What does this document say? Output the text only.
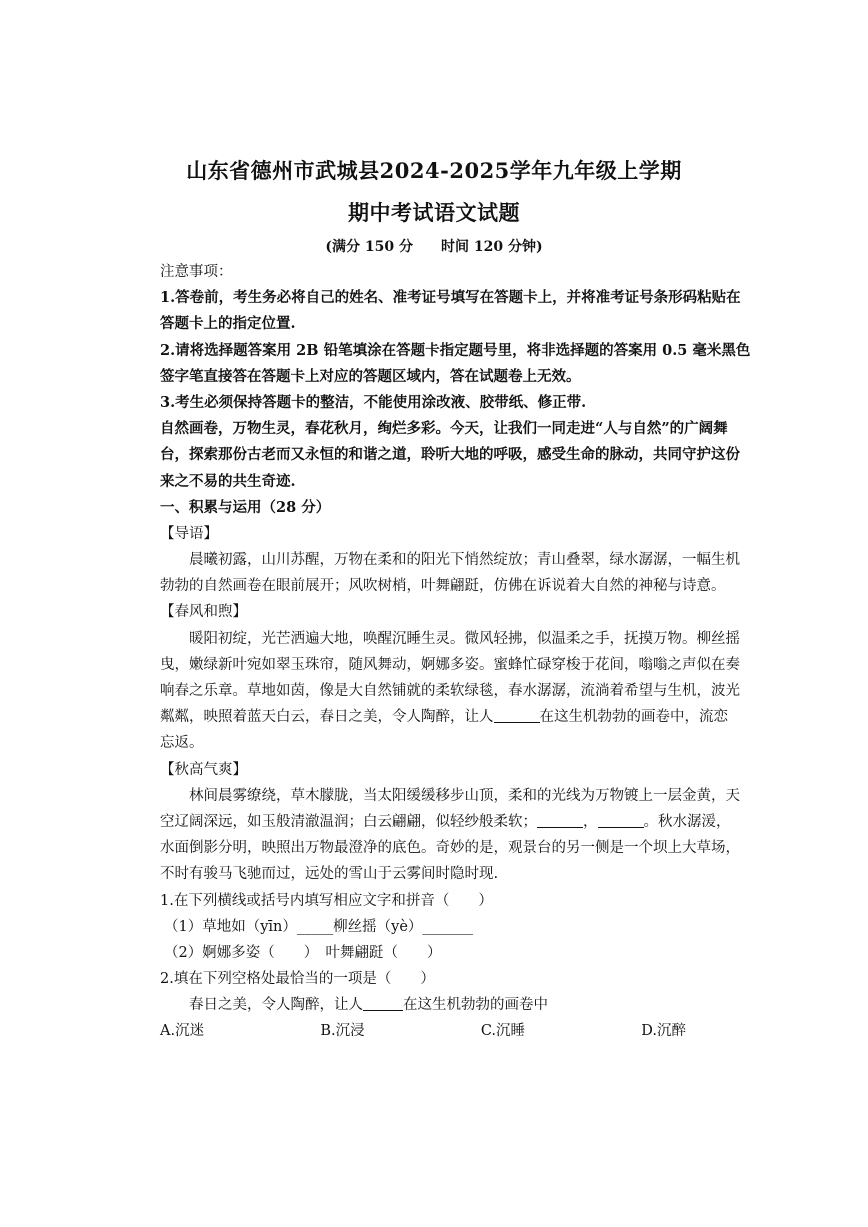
山东省德州市武城县2024-2025学年九年级上学期
期中考试语文试题
(满分 150 分 时间 120 分钟)
注意事项：
1.答卷前，考生务必将自己的姓名、准考证号填写在答题卡上，并将准考证号条形码粘贴在
答题卡上的指定位置.
2.请将选择题答案用 2B 铅笔填涂在答题卡指定题号里，将非选择题的答案用 0.5 毫米黑色
签字笔直接答在答题卡上对应的答题区域内，答在试题卷上无效。
3.考生必须保持答题卡的整洁，不能使用涂改液、胶带纸、修正带.
自然画卷，万物生灵，春花秋月，绚烂多彩。今天，让我们一同走进“人与自然”的广阔舞
台，探索那份古老而又永恒的和谐之道，聆听大地的呼吸，感受生命的脉动，共同守护这份
来之不易的共生奇迹.
一、积累与运用（28 分）
【导语】
晨曦初露，山川苏醒，万物在柔和的阳光下悄然绽放；青山叠翠，绿水潺潺，一幅生机
勃勃的自然画卷在眼前展开；风吹树梢，叶舞翩跹，仿佛在诉说着大自然的神秘与诗意。
【春风和煦】
暖阳初绽，光芒洒遍大地，唤醒沉睡生灵。微风轻拂，似温柔之手，抚摸万物。柳丝摇
曳，嫩绿新叶宛如翠玉珠帘，随风舞动，婀娜多姿。蜜蜂忙碌穿梭于花间，嗡嗡之声似在奏
响春之乐章。草地如茵，像是大自然铺就的柔软绿毯，春水潺潺，流淌着希望与生机，波光
粼粼，映照着蓝天白云，春日之美，令人陶醉，让人	在这生机勃勃的画卷中，流恋
忘返。
【秋高气爽】
林间晨雾缭绕，草木朦胧，当太阳缓缓移步山顶，柔和的光线为万物镀上一层金黄，天
空辽阔深远，如玉般清澈温润；白云翩翩，似轻纱般柔软；	，	。秋水潺湲，
水面倒影分明，映照出万物最澄净的底色。奇妙的是，观景台的另一侧是一个坝上大草场，
不时有骏马飞驰而过，远处的雪山于云雾间时隐时现.
1.在下列横线或括号内填写相应文字和拼音（　　）
（1）草地如（yīn）_____柳丝摇（yè）_______
（2）婀娜多姿（　　）　叶舞翩跹（　　）
2.填在下列空格处最恰当的一项是（　　）
春日之美，令人陶醉，让人	在这生机勃勃的画卷中
A.沉迷	B.沉浸	C.沉睡	D.沉醉
